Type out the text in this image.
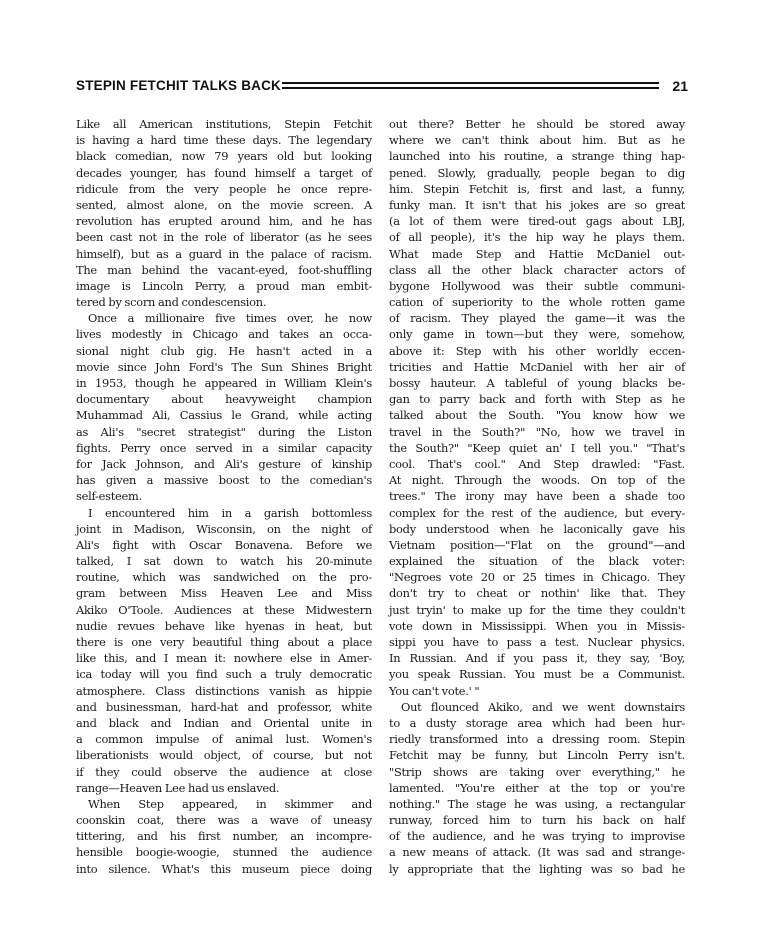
STEPIN FETCHIT TALKS BACK	21
Like all American institutions, Stepin Fetchit
is having a hard time these days. The legendary
black comedian, now 79 years old but looking
decades younger, has found himself a target of
ridicule from the very people he once repre-
sented, almost alone, on the movie screen. A
revolution has erupted around him, and he has
been cast not in the role of liberator (as he sees
himself), but as a guard in the palace of racism.
The man behind the vacant-eyed, foot-shuffling
image is Lincoln Perry, a proud man embit-
tered by scorn and condescension.
Once a millionaire five times over, he now
lives modestly in Chicago and takes an occa-
sional night club gig. He hasn't acted in a
movie since John Ford's The Sun Shines Bright
in 1953, though he appeared in William Klein's
documentary about heavyweight champion
Muhammad Ali, Cassius le Grand, while acting
as Ali's "secret strategist" during the Liston
fights. Perry once served in a similar capacity
for Jack Johnson, and Ali's gesture of kinship
has given a massive boost to the comedian's
self-esteem.
I encountered him in a garish bottomless
joint in Madison, Wisconsin, on the night of
Ali's fight with Oscar Bonavena. Before we
talked, I sat down to watch his 20-minute
routine, which was sandwiched on the pro-
gram between Miss Heaven Lee and Miss
Akiko O'Toole. Audiences at these Midwestern
nudie revues behave like hyenas in heat, but
there is one very beautiful thing about a place
like this, and I mean it: nowhere else in Amer-
ica today will you find such a truly democratic
atmosphere. Class distinctions vanish as hippie
and businessman, hard-hat and professor, white
and black and Indian and Oriental unite in
a common impulse of animal lust. Women's
liberationists would object, of course, but not
if they could observe the audience at close
range—Heaven Lee had us enslaved.
When Step appeared, in skimmer and
coonskin coat, there was a wave of uneasy
tittering, and his first number, an incompre-
hensible boogie-woogie, stunned the audience
into silence. What's this museum piece doing
out there? Better he should be stored away
where we can't think about him. But as he
launched into his routine, a strange thing hap-
pened. Slowly, gradually, people began to dig
him. Stepin Fetchit is, first and last, a funny,
funky man. It isn't that his jokes are so great
(a lot of them were tired-out gags about LBJ,
of all people), it's the hip way he plays them.
What made Step and Hattie McDaniel out-
class all the other black character actors of
bygone Hollywood was their subtle communi-
cation of superiority to the whole rotten game
of racism. They played the game—it was the
only game in town—but they were, somehow,
above it: Step with his other worldly eccen-
tricities and Hattie McDaniel with her air of
bossy hauteur. A tableful of young blacks be-
gan to parry back and forth with Step as he
talked about the South. "You know how we
travel in the South?" "No, how we travel in
the South?" "Keep quiet an' I tell you." "That's
cool. That's cool." And Step drawled: "Fast.
At night. Through the woods. On top of the
trees." The irony may have been a shade too
complex for the rest of the audience, but every-
body understood when he laconically gave his
Vietnam position—"Flat on the ground"—and
explained the situation of the black voter:
"Negroes vote 20 or 25 times in Chicago. They
don't try to cheat or nothin' like that. They
just tryin' to make up for the time they couldn't
vote down in Mississippi. When you in Missis-
sippi you have to pass a test. Nuclear physics.
In Russian. And if you pass it, they say, 'Boy,
you speak Russian. You must be a Communist.
You can't vote.' "
Out flounced Akiko, and we went downstairs
to a dusty storage area which had been hur-
riedly transformed into a dressing room. Stepin
Fetchit may be funny, but Lincoln Perry isn't.
"Strip shows are taking over everything," he
lamented. "You're either at the top or you're
nothing." The stage he was using, a rectangular
runway, forced him to turn his back on half
of the audience, and he was trying to improvise
a new means of attack. (It was sad and strange-
ly appropriate that the lighting was so bad he
